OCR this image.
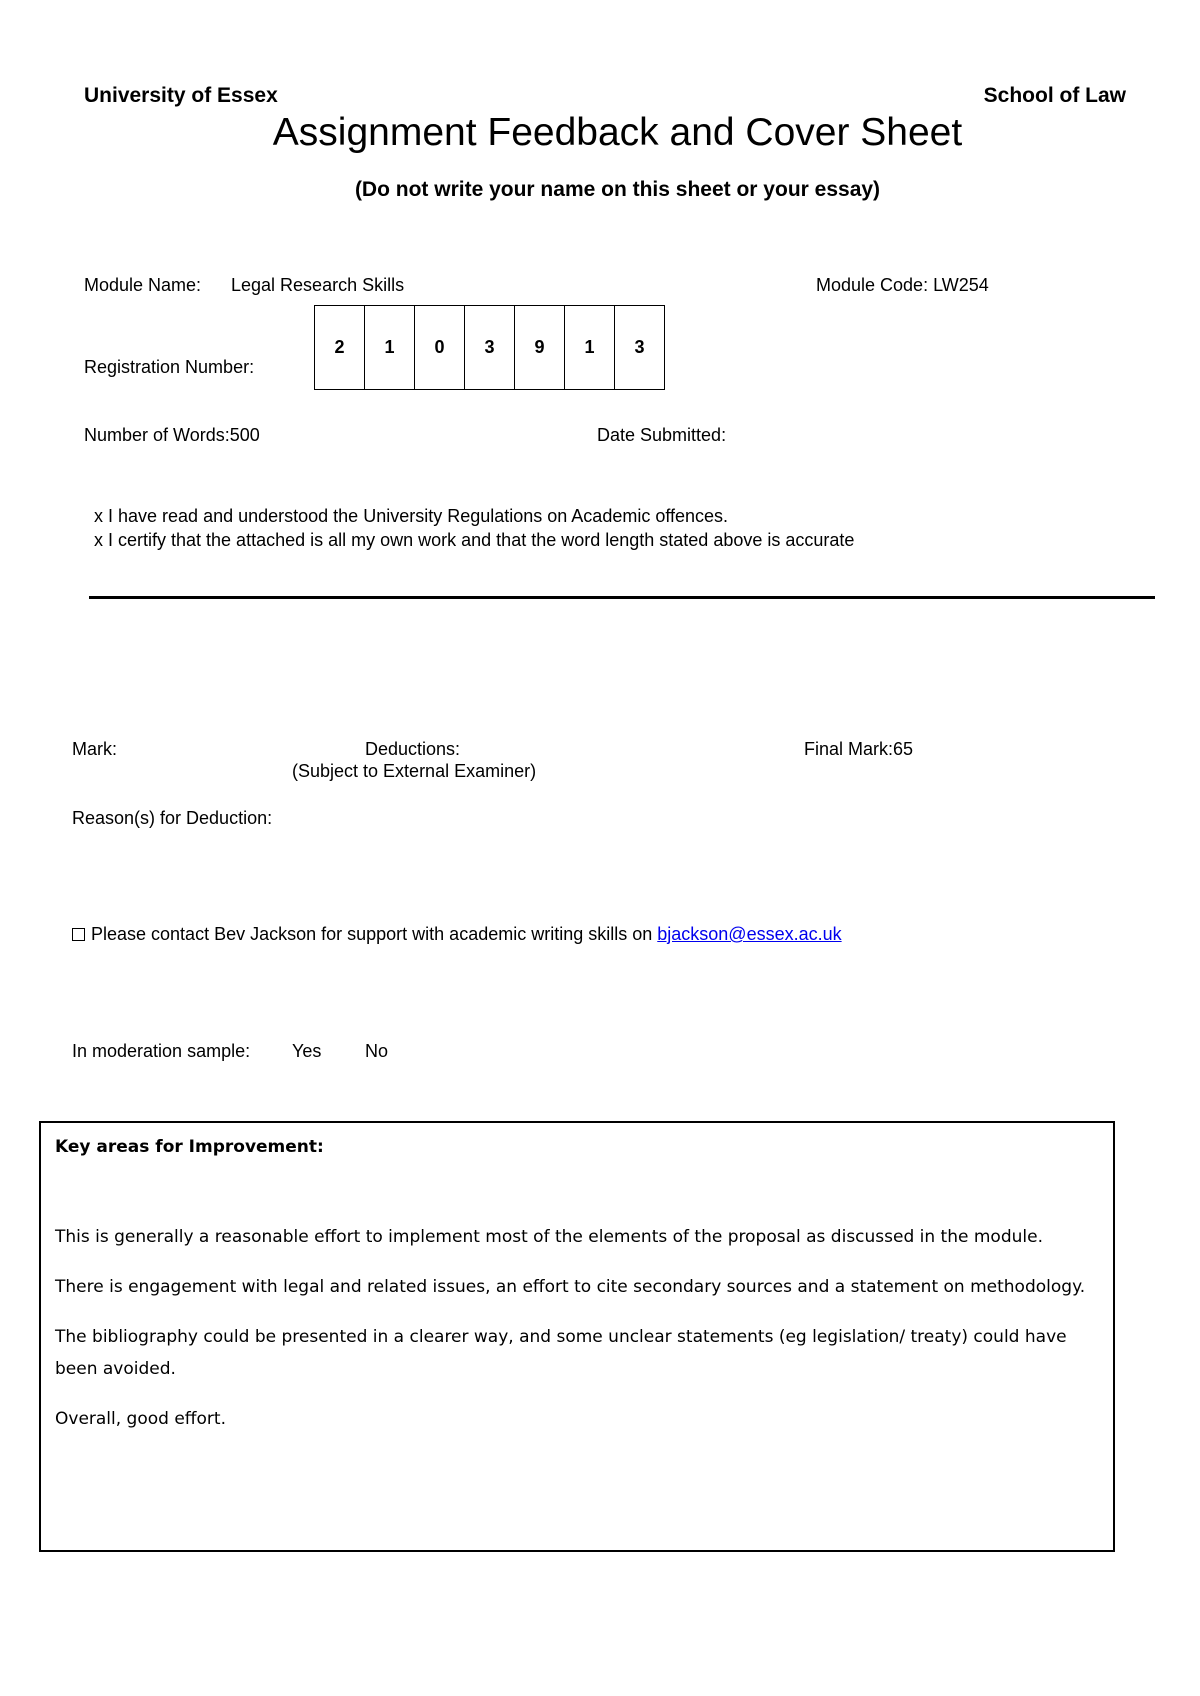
University of Essex	School of Law
Assignment Feedback and Cover Sheet
(Do not write your name on this sheet or your essay)
Module Name: Legal Research Skills	Module Code: LW254
Registration Number:
2	1	0	3	9	1	3
Number of Words:500	Date Submitted:
x I have read and understood the University Regulations on Academic offences.
x I certify that the attached is all my own work and that the word length stated above is accurate
Mark:	Deductions:
(Subject to External Examiner)
Final Mark:65
Reason(s) for Deduction:
Please contact Bev Jackson for support with academic writing skills on bjackson@essex.ac.uk
In moderation sample: Yes No

Key areas for Improvement:

This is generally a reasonable effort to implement most of the elements of the proposal as discussed in the module.

There is engagement with legal and related issues, an effort to cite secondary sources and a statement on methodology.

The bibliography could be presented in a clearer way, and some unclear statements (eg legislation/ treaty) could have been avoided.

Overall, good effort.
